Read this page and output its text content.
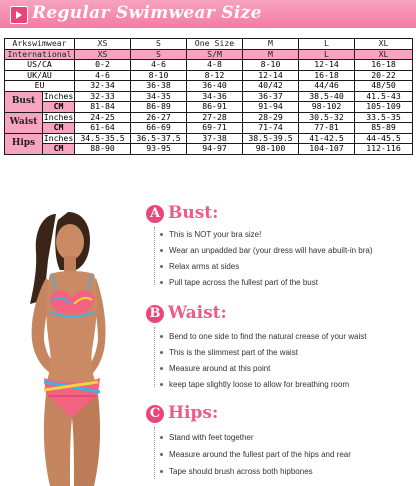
Regular Swimwear Size
Arkswimwear		XS	S	One Size	M	L	XL
International		XS	S	S/M	M	L	XL
US/CA		0-2	4-6	4-8	8-10	12-14	16-18
UK/AU		4-6	8-10	8-12	12-14	16-18	20-22
EU		32-34	36-38	36-40	40/42	44/46	48/50
Bust	Inches	32-33	34-35	34-36	36-37	38.5-40	41.5-43
	CM	81-84	86-89	86-91	91-94	98-102	105-109
Waist	Inches	24-25	26-27	27-28	28-29	30.5-32	33.5-35
	CM	61-64	66-69	69-71	71-74	77-81	85-89
Hips	Inches	34.5-35.5	36.5-37.5	37-38	38.5-39.5	41-42.5	44-45.5
	CM	88-90	93-95	94-97	98-100	104-107	112-116
A Bust:
This is NOT your bra size!
Wear an unpadded bar (your dress will have abuilt-in bra)
Relax arms at sides
Pull tape across the fullest part of the bust
B Waist:
Bend to one side to find the natural crease of your waist
This is the slimmest part of the waist
Measure around at this point
keep tape slightly loose to allow for breathing room
C Hips:
Stand with feet together
Measure around the fullest part of the hips and rear
Tape should brush across both hipbones
